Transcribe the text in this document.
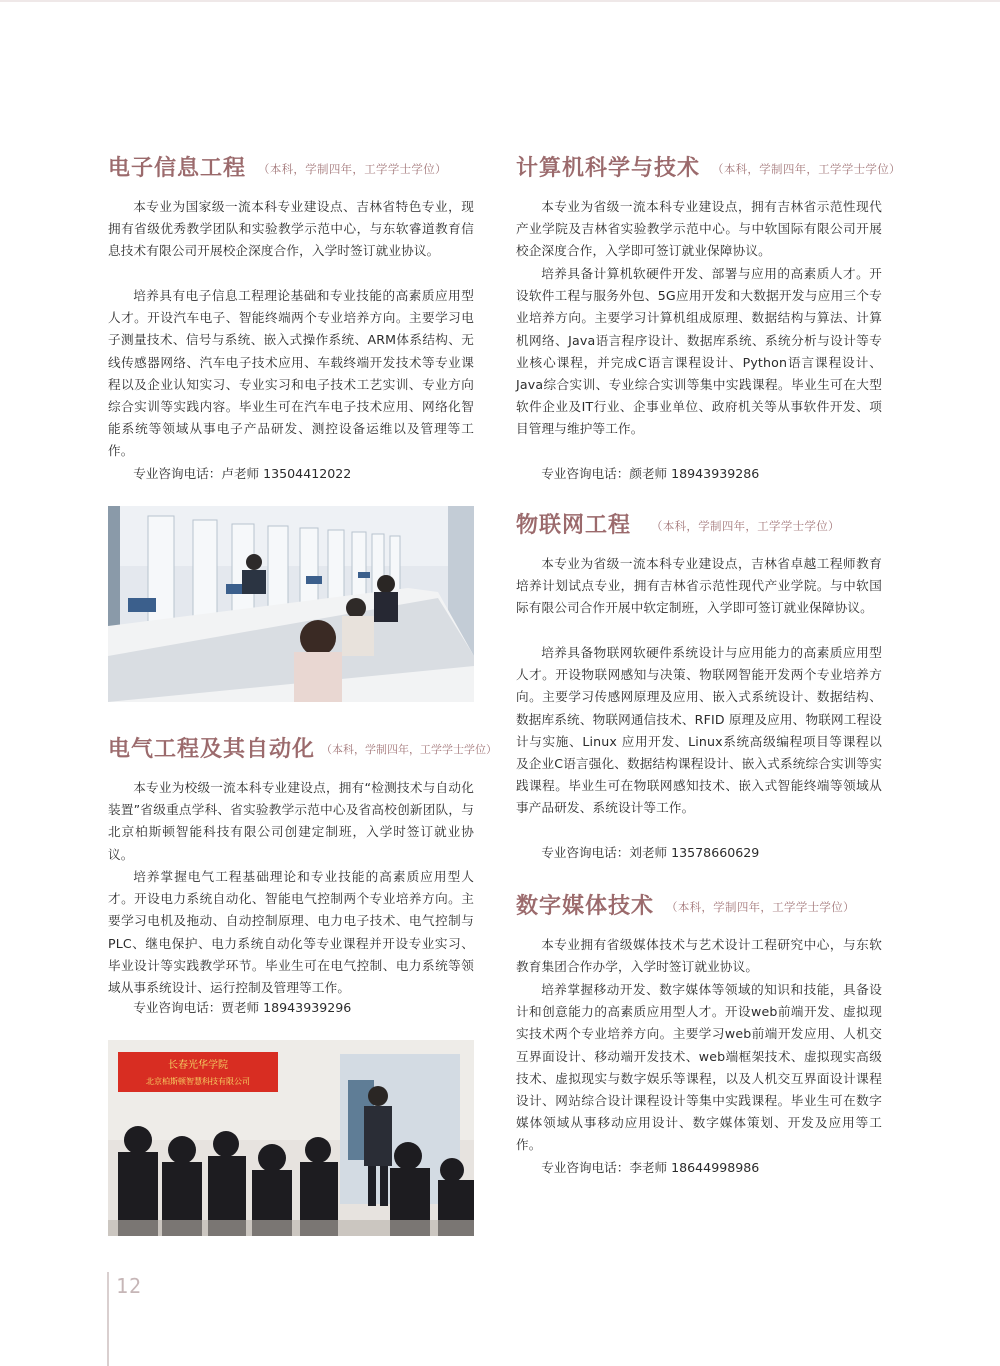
电子信息工程 （本科，学制四年，工学学士学位）

本专业为国家级一流本科专业建设点、吉林省特色专业，现拥有省级优秀教学团队和实验教学示范中心，与东软睿道教育信息技术有限公司开展校企深度合作，入学时签订就业协议。

培养具有电子信息工程理论基础和专业技能的高素质应用型人才。开设汽车电子、智能终端两个专业培养方向。主要学习电子测量技术、信号与系统、嵌入式操作系统、ARM体系结构、无线传感器网络、汽车电子技术应用、车载终端开发技术等专业课程以及企业认知实习、专业实习和电子技术工艺实训、专业方向综合实训等实践内容。毕业生可在汽车电子技术应用、网络化智能系统等领域从事电子产品研发、测控设备运维以及管理等工作。

专业咨询电话：卢老师 13504412022

电气工程及其自动化 （本科，学制四年，工学学士学位）

本专业为校级一流本科专业建设点，拥有“检测技术与自动化装置”省级重点学科、省实验教学示范中心及省高校创新团队，与北京柏斯顿智能科技有限公司创建定制班，入学时签订就业协议。

培养掌握电气工程基础理论和专业技能的高素质应用型人才。开设电力系统自动化、智能电气控制两个专业培养方向。主要学习电机及拖动、自动控制原理、电力电子技术、电气控制与PLC、继电保护、电力系统自动化等专业课程并开设专业实习、毕业设计等实践教学环节。毕业生可在电气控制、电力系统等领域从事系统设计、运行控制及管理等工作。

专业咨询电话：贾老师 18943939296

长春光华学院
北京柏斯顿智慧科技有限公司
计算机科学与技术 （本科，学制四年，工学学士学位）

本专业为省级一流本科专业建设点，拥有吉林省示范性现代产业学院及吉林省实验教学示范中心。与中软国际有限公司开展校企深度合作，入学即可签订就业保障协议。

培养具备计算机软硬件开发、部署与应用的高素质人才。开设软件工程与服务外包、5G应用开发和大数据开发与应用三个专业培养方向。主要学习计算机组成原理、数据结构与算法、计算机网络、Java语言程序设计、数据库系统、系统分析与设计等专业核心课程，并完成C语言课程设计、Python语言课程设计、Java综合实训、专业综合实训等集中实践课程。毕业生可在大型软件企业及IT行业、企事业单位、政府机关等从事软件开发、项目管理与维护等工作。

专业咨询电话：颜老师 18943939286

物联网工程 （本科，学制四年，工学学士学位）

本专业为省级一流本科专业建设点，吉林省卓越工程师教育培养计划试点专业，拥有吉林省示范性现代产业学院。与中软国际有限公司合作开展中软定制班，入学即可签订就业保障协议。

培养具备物联网软硬件系统设计与应用能力的高素质应用型人才。开设物联网感知与决策、物联网智能开发两个专业培养方向。主要学习传感网原理及应用、嵌入式系统设计、数据结构、数据库系统、物联网通信技术、RFID 原理及应用、物联网工程设计与实施、Linux 应用开发、Linux系统高级编程项目等课程以及企业C语言强化、数据结构课程设计、嵌入式系统综合实训等实践课程。毕业生可在物联网感知技术、嵌入式智能终端等领域从事产品研发、系统设计等工作。

专业咨询电话：刘老师 13578660629

数字媒体技术 （本科，学制四年，工学学士学位）

本专业拥有省级媒体技术与艺术设计工程研究中心，与东软教育集团合作办学，入学时签订就业协议。

培养掌握移动开发、数字媒体等领域的知识和技能，具备设计和创意能力的高素质应用型人才。开设web前端开发、虚拟现实技术两个专业培养方向。主要学习web前端开发应用、人机交互界面设计、移动端开发技术、web端框架技术、虚拟现实高级技术、虚拟现实与数字娱乐等课程，以及人机交互界面设计课程设计、网站综合设计课程设计等集中实践课程。毕业生可在数字媒体领域从事移动应用设计、数字媒体策划、开发及应用等工作。

专业咨询电话：李老师 18644998986

12
